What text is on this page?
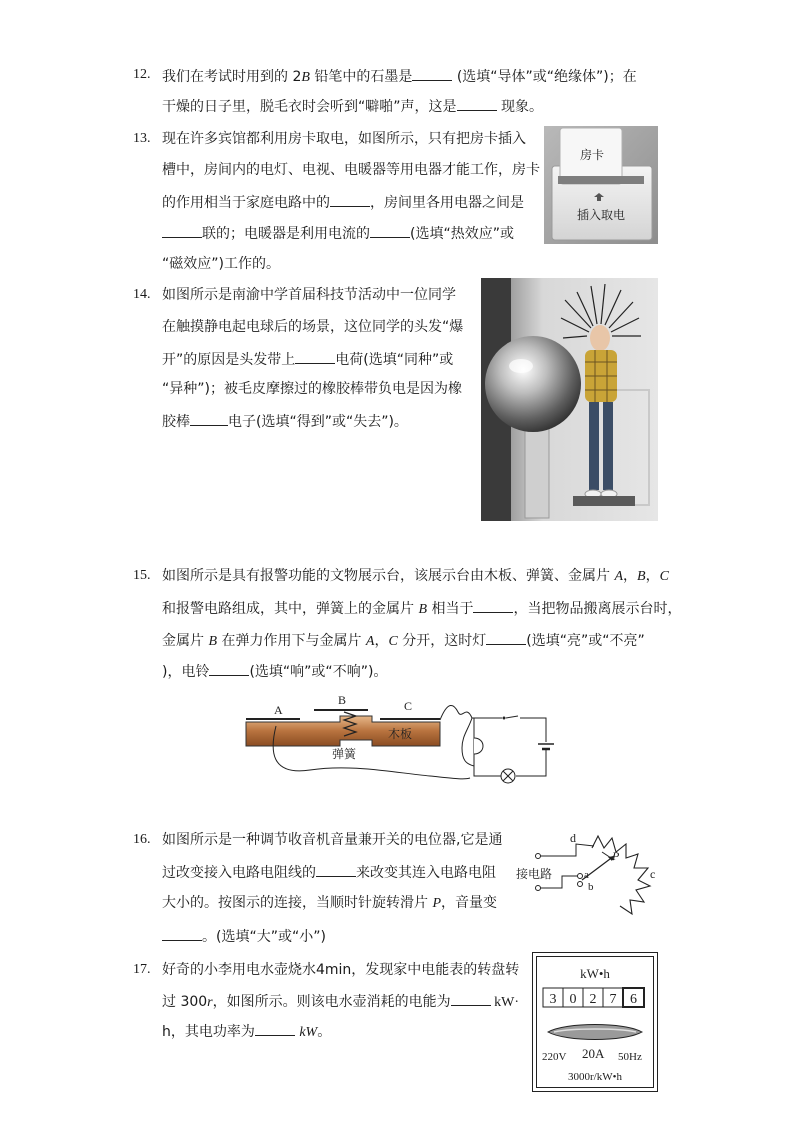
12. 我们在考试时用到的 2B 铅笔中的石墨是	(选填“导体”或“绝缘体”)；在
干燥的日子里，脱毛衣时会听到“噼啪”声，这是	现象。
13. 现在许多宾馆都利用房卡取电，如图所示，只有把房卡插入
槽中，房间内的电灯、电视、电暖器等用电器才能工作，房卡
的作用相当于家庭电路中的	，房间里各用电器之间是
联的；电暖器是利用电流的	(选填“热效应”或
“磁效应”)工作的。
房卡
插入取电
14. 如图所示是南渝中学首届科技节活动中一位同学
在触摸静电起电球后的场景，这位同学的头发“爆
开”的原因是头发带上	电荷(选填“同种”或
“异种”)；被毛皮摩擦过的橡胶棒带负电是因为橡
胶棒	电子(选填“得到”或“失去”)。
15. 如图所示是具有报警功能的文物展示台，该展示台由木板、弹簧、金属片 A，B，C
和报警电路组成，其中，弹簧上的金属片 B 相当于	，当把物品搬离展示台时，
金属片 B 在弹力作用下与金属片 A，C 分开，这时灯	(选填“亮”或“不亮”
)，电铃	(选填“响”或“不响”)。
A
B	C
木板
弹簧
16. 如图所示是一种调节收音机音量兼开关的电位器,它是通
过改变接入电路电阻线的	来改变其连入电路电阻
大小的。按图示的连接，当顺时针旋转滑片 P，音量变
。(选填“大”或“小”)
d
P
a
b
c
接电路
17. 好奇的小李用电水壶烧水4min，发现家中电能表的转盘转
过 300r，如图所示。则该电水壶消耗的电能为	kW·
h，其电功率为	kW。
kW•h
3 0 2 7 6
220V 20A 50Hz
3000r/kW•h
